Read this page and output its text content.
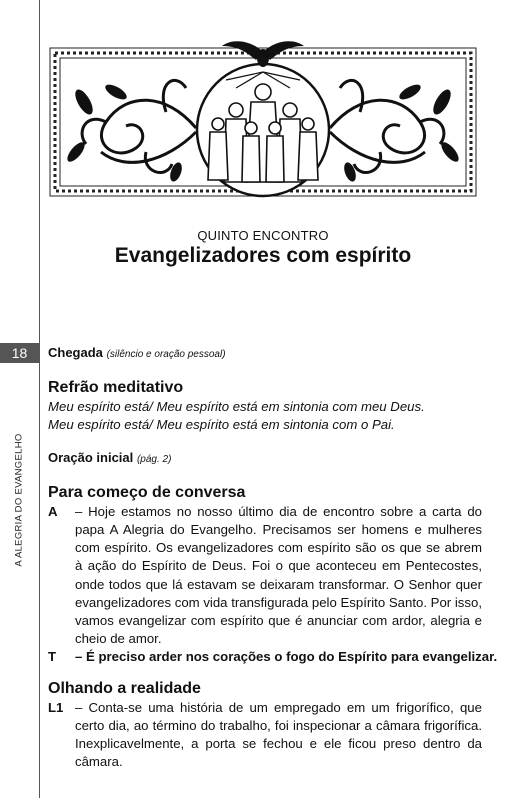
18
A ALEGRIA DO EVANGELHO
QUINTO ENCONTRO
Evangelizadores com espírito
Chegada (silêncio e oração pessoal)
Refrão meditativo
Meu espírito está/ Meu espírito está em sintonia com meu Deus.
Meu espírito está/ Meu espírito está em sintonia com o Pai.
Oração inicial (pág. 2)
Para começo de conversa
A	– Hoje estamos no nosso último dia de encontro sobre a carta do papa A Alegria do Evangelho. Precisamos ser homens e mulheres com espírito. Os evangelizadores com espírito são os que se abrem à ação do Espírito de Deus. Foi o que aconteceu em Pentecostes, onde todos que lá estavam se deixaram transformar. O Senhor quer evangelizadores com vida transfigurada pelo Espírito Santo. Por isso, vamos evangelizar com espírito que é anunciar com ardor, alegria e cheio de amor.
T	– É preciso arder nos corações o fogo do Espírito para evangelizar.
Olhando a realidade
L1 – Conta-se uma história de um empregado em um frigorífico, que certo dia, ao término do trabalho, foi inspecionar a câmara frigorífica. Inexplicavelmente, a porta se fechou e ele ficou preso dentro da câmara.
